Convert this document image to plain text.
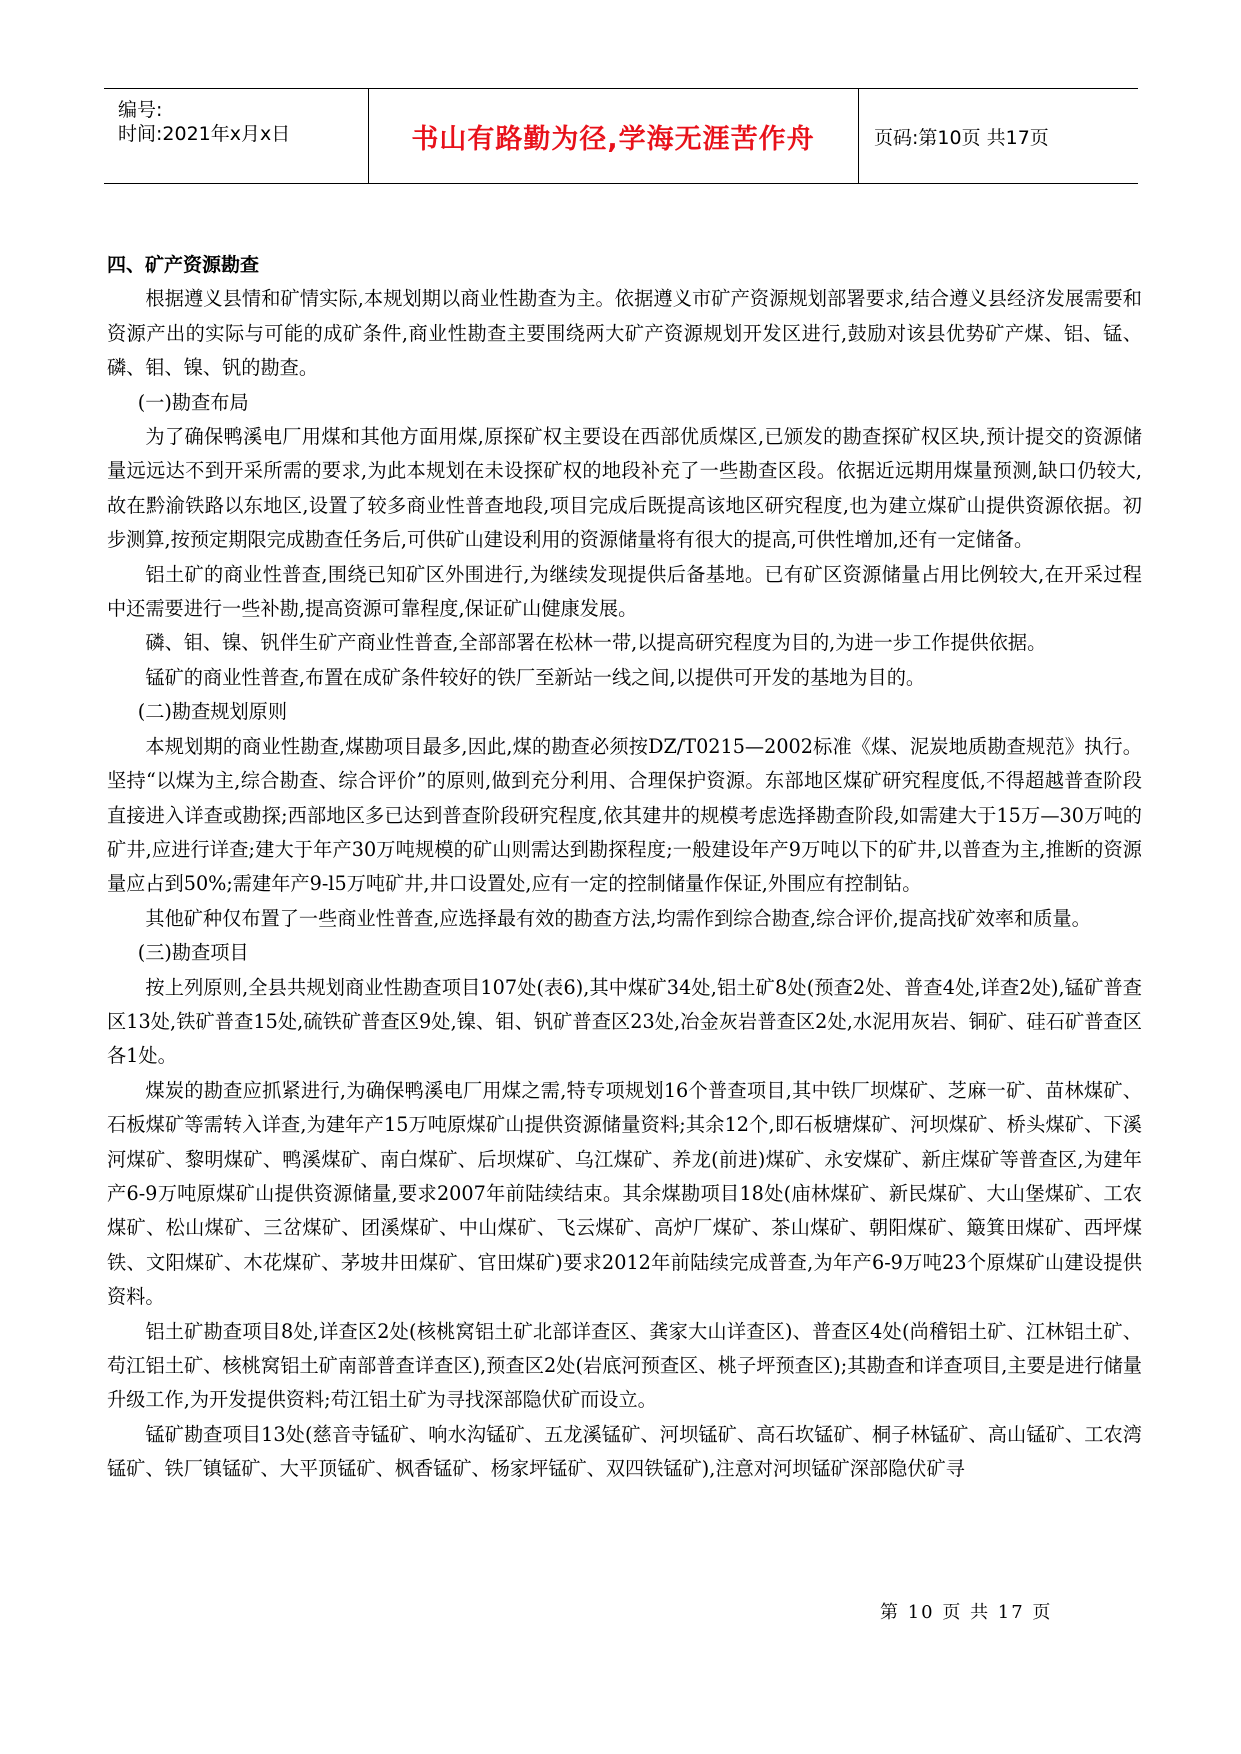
编号:
时间:2021年x月x日	书山有路勤为径,学海无涯苦作舟	页码:第10页 共17页

四、矿产资源勘查

根据遵义县情和矿情实际,本规划期以商业性勘查为主。依据遵义市矿产资源规划部署要求,结合遵义县经济发展需要和资源产出的实际与可能的成矿条件,商业性勘查主要围绕两大矿产资源规划开发区进行,鼓励对该县优势矿产煤、铝、锰、磷、钼、镍、钒的勘查。

(一)勘查布局

为了确保鸭溪电厂用煤和其他方面用煤,原探矿权主要设在西部优质煤区,已颁发的勘查探矿权区块,预计提交的资源储量远远达不到开采所需的要求,为此本规划在未设探矿权的地段补充了一些勘查区段。依据近远期用煤量预测,缺口仍较大,故在黔渝铁路以东地区,设置了较多商业性普查地段,项目完成后既提高该地区研究程度,也为建立煤矿山提供资源依据。初步测算,按预定期限完成勘查任务后,可供矿山建设利用的资源储量将有很大的提高,可供性增加,还有一定储备。

铝土矿的商业性普查,围绕已知矿区外围进行,为继续发现提供后备基地。已有矿区资源储量占用比例较大,在开采过程中还需要进行一些补勘,提高资源可靠程度,保证矿山健康发展。

磷、钼、镍、钒伴生矿产商业性普查,全部部署在松林一带,以提高研究程度为目的,为进一步工作提供依据。

锰矿的商业性普查,布置在成矿条件较好的铁厂至新站一线之间,以提供可开发的基地为目的。

(二)勘查规划原则

本规划期的商业性勘查,煤勘项目最多,因此,煤的勘查必须按DZ/T0215—2002标准《煤、泥炭地质勘查规范》执行。坚持“以煤为主,综合勘查、综合评价”的原则,做到充分利用、合理保护资源。东部地区煤矿研究程度低,不得超越普查阶段直接进入详查或勘探;西部地区多已达到普查阶段研究程度,依其建井的规模考虑选择勘查阶段,如需建大于15万—30万吨的矿井,应进行详查;建大于年产30万吨规模的矿山则需达到勘探程度;一般建设年产9万吨以下的矿井,以普查为主,推断的资源量应占到50%;需建年产9-l5万吨矿井,井口设置处,应有一定的控制储量作保证,外围应有控制钻。

其他矿种仅布置了一些商业性普查,应选择最有效的勘查方法,均需作到综合勘查,综合评价,提高找矿效率和质量。

(三)勘查项目

按上列原则,全县共规划商业性勘查项目107处(表6),其中煤矿34处,铝土矿8处(预查2处、普查4处,详查2处),锰矿普查区13处,铁矿普查15处,硫铁矿普查区9处,镍、钼、钒矿普查区23处,冶金灰岩普查区2处,水泥用灰岩、铜矿、硅石矿普查区各1处。

煤炭的勘查应抓紧进行,为确保鸭溪电厂用煤之需,特专项规划16个普查项目,其中铁厂坝煤矿、芝麻一矿、苗林煤矿、石板煤矿等需转入详查,为建年产15万吨原煤矿山提供资源储量资料;其余12个,即石板塘煤矿、河坝煤矿、桥头煤矿、下溪河煤矿、黎明煤矿、鸭溪煤矿、南白煤矿、后坝煤矿、乌江煤矿、养龙(前进)煤矿、永安煤矿、新庄煤矿等普查区,为建年产6-9万吨原煤矿山提供资源储量,要求2007年前陆续结束。其余煤勘项目18处(庙林煤矿、新民煤矿、大山堡煤矿、工农煤矿、松山煤矿、三岔煤矿、团溪煤矿、中山煤矿、飞云煤矿、高炉厂煤矿、茶山煤矿、朝阳煤矿、簸箕田煤矿、西坪煤铁、文阳煤矿、木花煤矿、茅坡井田煤矿、官田煤矿)要求2012年前陆续完成普查,为年产6-9万吨23个原煤矿山建设提供资料。

铝土矿勘查项目8处,详查区2处(核桃窝铝土矿北部详查区、龚家大山详查区)、普查区4处(尚稽铝土矿、江林铝土矿、苟江铝土矿、核桃窝铝土矿南部普查详查区),预查区2处(岩底河预查区、桃子坪预查区);其勘查和详查项目,主要是进行储量升级工作,为开发提供资料;苟江铝土矿为寻找深部隐伏矿而设立。

锰矿勘查项目13处(慈音寺锰矿、响水沟锰矿、五龙溪锰矿、河坝锰矿、高石坎锰矿、桐子林锰矿、高山锰矿、工农湾锰矿、铁厂镇锰矿、大平顶锰矿、枫香锰矿、杨家坪锰矿、双四铁锰矿),注意对河坝锰矿深部隐伏矿寻

第 10 页 共 17 页
